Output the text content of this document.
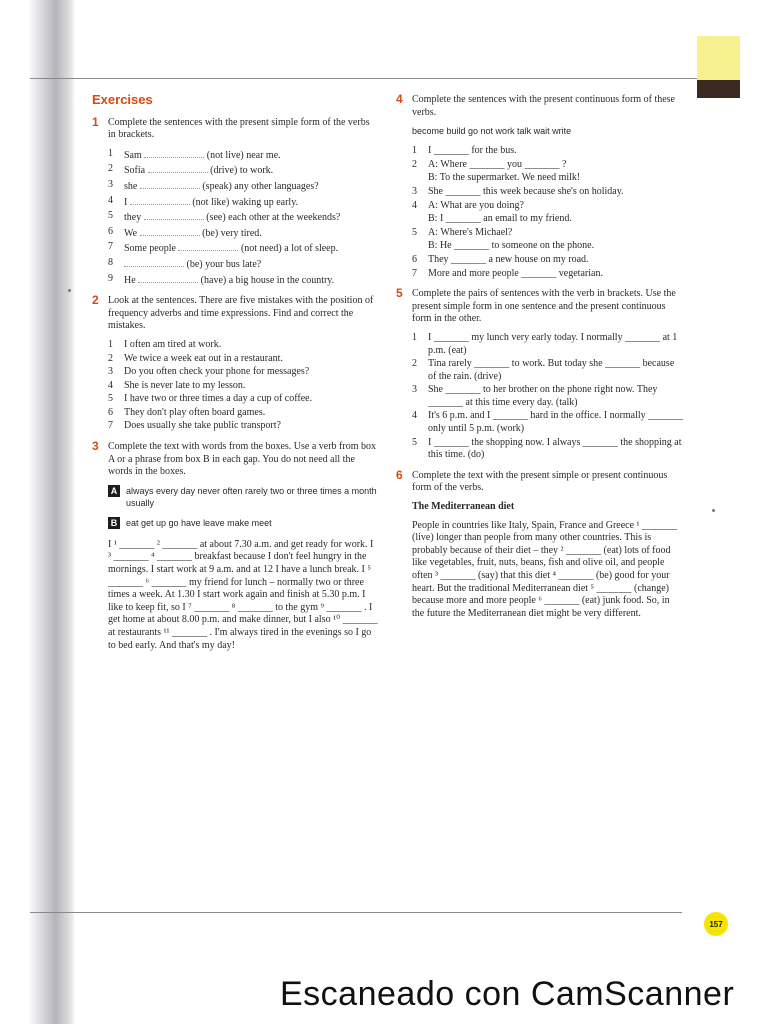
Exercises
1 Complete the sentences with the present simple form of the verbs in brackets.
1 Sam	(not live) near me.
2 Sofia	(drive) to work.
3 she	(speak) any other languages?
4 I	(not like) waking up early.
5 they	(see) each other at the weekends?
6 We	(be) very tired.
7 Some people	(not need) a lot of sleep.
8	(be) your bus late?
9 He	(have) a big house in the country.
2 Look at the sentences. There are five mistakes with the position of frequency adverbs and time expressions. Find and correct the mistakes.
1 I often am tired at work.
2 We twice a week eat out in a restaurant.
3 Do you often check your phone for messages?
4 She is never late to my lesson.
5 I have two or three times a day a cup of coffee.
6 They don't play often board games.
7 Does usually she take public transport?
3 Complete the text with words from the boxes. Use a verb from box A or a phrase from box B in each gap. You do not need all the words in the boxes.
A always every day never often rarely two or three times a month usually
B eat get up go have leave make meet
I ¹ _______ ² _______ at about 7.30 a.m. and get ready for work. I ³ _______ ⁴ _______ breakfast because I don't feel hungry in the mornings. I start work at 9 a.m. and at 12 I have a lunch break. I ⁵ _______ ⁶ _______ my friend for lunch – normally two or three times a week. At 1.30 I start work again and finish at 5.30 p.m. I like to keep fit, so I ⁷ _______ ⁸ _______ to the gym ⁹ _______ . I get home at about 8.00 p.m. and make dinner, but I also ¹⁰ _______ at restaurants ¹¹ _______ . I'm always tired in the evenings so I go to bed early. And that's my day!
4 Complete the sentences with the present continuous form of these verbs.
become build go not work talk wait write
1 I _______ for the bus.
2 A: Where _______ you _______ ?
B: To the supermarket. We need milk!
3 She _______ this week because she's on holiday.
4 A: What are you doing?
B: I _______ an email to my friend.
5 A: Where's Michael?
B: He _______ to someone on the phone.
6 They _______ a new house on my road.
7 More and more people _______ vegetarian.
5 Complete the pairs of sentences with the verb in brackets. Use the present simple form in one sentence and the present continuous form in the other.
1 I _______ my lunch very early today. I normally _______ at 1 p.m. (eat)
2 Tina rarely _______ to work. But today she _______ because of the rain. (drive)
3 She _______ to her brother on the phone right now. They _______ at this time every day. (talk)
4 It's 6 p.m. and I _______ hard in the office. I normally _______ only until 5 p.m. (work)
5 I _______ the shopping now. I always _______ the shopping at this time. (do)
6 Complete the text with the present simple or present continuous form of the verbs.
The Mediterranean diet
People in countries like Italy, Spain, France and Greece ¹ _______ (live) longer than people from many other countries. This is probably because of their diet – they ² _______ (eat) lots of food like vegetables, fruit, nuts, beans, fish and olive oil, and people often ³ _______ (say) that this diet ⁴ _______ (be) good for your heart. But the traditional Mediterranean diet ⁵ _______ (change) because more and more people ⁶ _______ (eat) junk food. So, in the future the Mediterranean diet might be very different.
157
Escaneado con CamScanner
